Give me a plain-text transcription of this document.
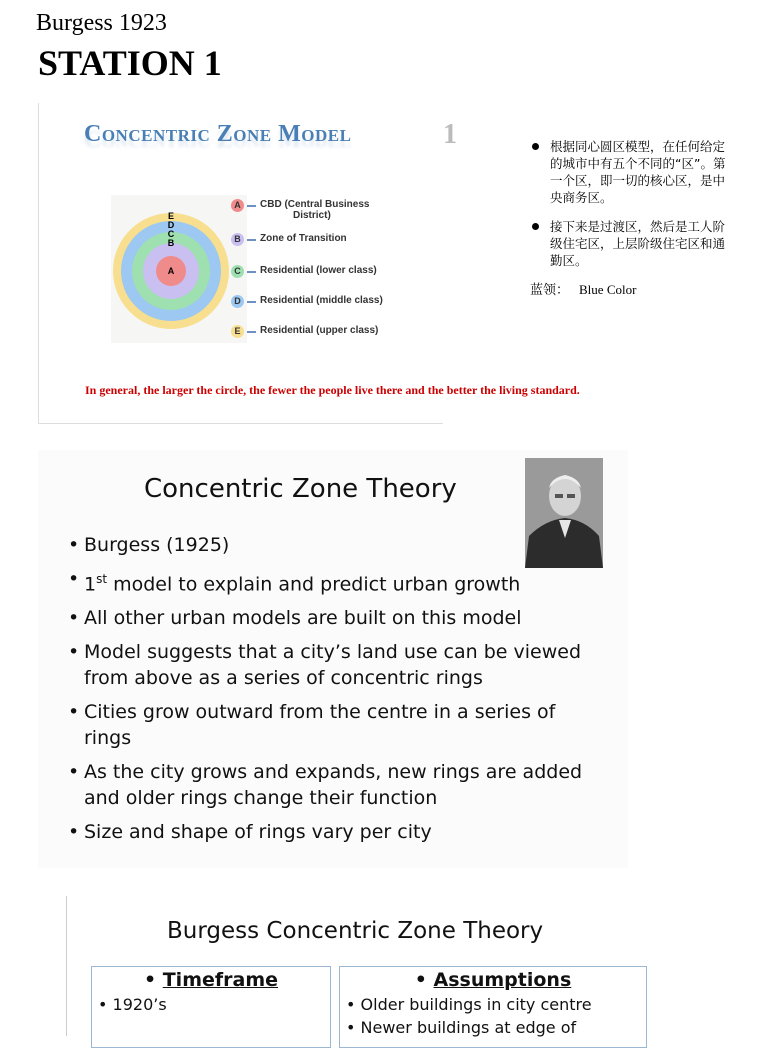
Burgess 1923
STATION 1
Concentric Zone Model	1
E
D
C
B
A
A	CBD (Central Business
District)
B	Zone of Transition
C	Residential (lower class)
D	Residential (middle class)
E	Residential (upper class)
In general, the larger the circle, the fewer the people live there and the better the living standard.
根据同心圆区模型，在任何给定的城市中有五个不同的“区”。第一个区，即一切的核心区，是中央商务区。
接下来是过渡区，然后是工人阶级住宅区，上层阶级住宅区和通勤区。
蓝领： Blue Color
Concentric Zone Theory
• Burgess (1925)
• 1st model to explain and predict urban growth
• All other urban models are built on this model
• Model suggests that a city’s land use can be viewed from above as a series of concentric rings
• Cities grow outward from the centre in a series of rings
• As the city grows and expands, new rings are added and older rings change their function
• Size and shape of rings vary per city
Burgess Concentric Zone Theory
• Timeframe
• 1920’s
• Assumptions
• Older buildings in city centre
• Newer buildings at edge of
